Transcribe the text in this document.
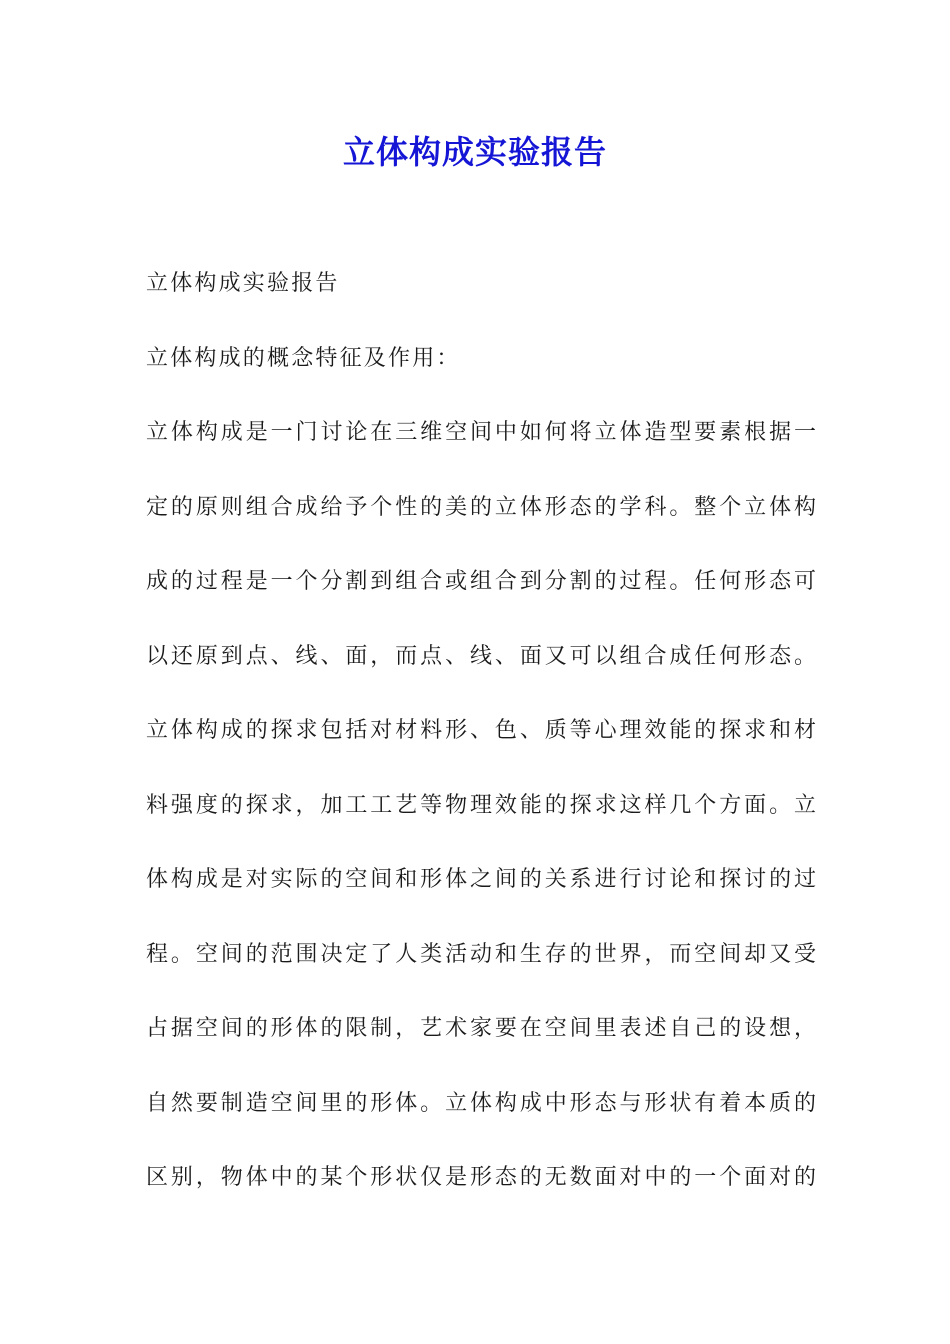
立体构成实验报告
立体构成实验报告
立体构成的概念特征及作用：
立体构成是一门讨论在三维空间中如何将立体造型要素根据一
定的原则组合成给予个性的美的立体形态的学科。整个立体构
成的过程是一个分割到组合或组合到分割的过程。任何形态可
以还原到点、线、面，而点、线、面又可以组合成任何形态。
立体构成的探求包括对材料形、色、质等心理效能的探求和材
料强度的探求，加工工艺等物理效能的探求这样几个方面。立
体构成是对实际的空间和形体之间的关系进行讨论和探讨的过
程。空间的范围决定了人类活动和生存的世界，而空间却又受
占据空间的形体的限制，艺术家要在空间里表述自己的设想，
自然要制造空间里的形体。立体构成中形态与形状有着本质的
区别，物体中的某个形状仅是形态的无数面对中的一个面对的
